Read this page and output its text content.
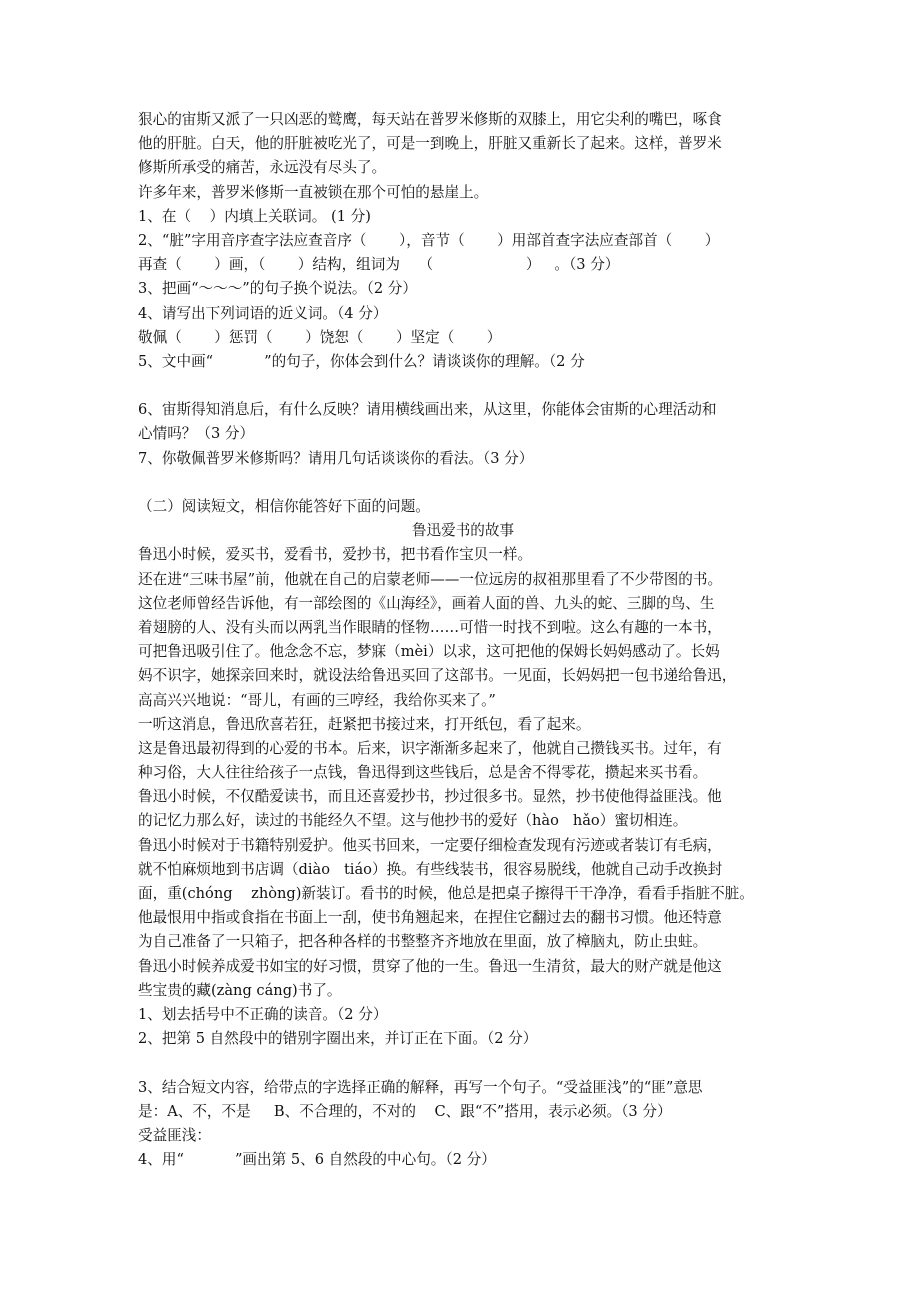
狠心的宙斯又派了一只凶恶的鹫鹰，每天站在普罗米修斯的双膝上，用它尖利的嘴巴，啄食
他的肝脏。白天，他的肝脏被吃光了，可是一到晚上，肝脏又重新长了起来。这样，普罗米
修斯所承受的痛苦，永远没有尽头了。
许多年来，普罗米修斯一直被锁在那个可怕的悬崖上。
1、在（    ）内填上关联词。 (1 分)
2、“脏”字用音序查字法应查音序（       ），音节（       ）用部首查字法应查部首（       ）
再查（       ）画，（       ）结构，组词为    （                    ）   。（3 分）
3、把画“～～～”的句子换个说法。（2 分）
4、请写出下列词语的近义词。（4 分）
敬佩（       ）惩罚（       ）饶恕（       ）坚定（       ）
5、文中画“           ”的句子，你体会到什么？请谈谈你的理解。（2 分
6、宙斯得知消息后，有什么反映？请用横线画出来，从这里，你能体会宙斯的心理活动和
心情吗？（3 分）
7、你敬佩普罗米修斯吗？请用几句话谈谈你的看法。（3 分）
（二）阅读短文，相信你能答好下面的问题。
鲁迅爱书的故事
鲁迅小时候，爱买书，爱看书，爱抄书，把书看作宝贝一样。
还在进“三味书屋”前，他就在自己的启蒙老师——一位远房的叔祖那里看了不少带图的书。
这位老师曾经告诉他，有一部绘图的《山海经》，画着人面的兽、九头的蛇、三脚的鸟、生
着翅膀的人、没有头而以两乳当作眼睛的怪物……可惜一时找不到啦。这么有趣的一本书，
可把鲁迅吸引住了。他念念不忘，梦寐（mèi）以求，这可把他的保姆长妈妈感动了。长妈
妈不识字，她探亲回来时，就设法给鲁迅买回了这部书。一见面，长妈妈把一包书递给鲁迅，
高高兴兴地说：“哥儿，有画的三哼经，我给你买来了。”
一听这消息，鲁迅欣喜若狂，赶紧把书接过来，打开纸包，看了起来。
这是鲁迅最初得到的心爱的书本。后来，识字渐渐多起来了，他就自己攒钱买书。过年，有
种习俗，大人往往给孩子一点钱，鲁迅得到这些钱后，总是舍不得零花，攒起来买书看。
鲁迅小时候，不仅酷爱读书，而且还喜爱抄书，抄过很多书。显然，抄书使他得益匪浅。他
的记忆力那么好，读过的书能经久不望。这与他抄书的爱好（hào   hǎo）蜜切相连。
鲁迅小时候对于书籍特别爱护。他买书回来，一定要仔细检查发现有污迹或者装订有毛病，
就不怕麻烦地到书店调（diào   tiáo）换。有些线装书，很容易脱线，他就自己动手改换封
面，重(chóng    zhòng)新装订。看书的时候，他总是把桌子擦得干干净净，看看手指脏不脏。
他最恨用中指或食指在书面上一刮，使书角翘起来，在捏住它翻过去的翻书习惯。他还特意
为自己准备了一只箱子，把各种各样的书整整齐齐地放在里面，放了樟脑丸，防止虫蛀。
鲁迅小时候养成爱书如宝的好习惯，贯穿了他的一生。鲁迅一生清贫，最大的财产就是他这
些宝贵的藏(zàng cáng)书了。
1、划去括号中不正确的读音。（2 分）
2、把第 5 自然段中的错别字圈出来，并订正在下面。（2 分）
3、结合短文内容，给带点的字选择正确的解释，再写一个句子。“受益匪浅”的“匪”意思
是：A、不，不是     B、不合理的，不对的    C、跟“不”搭用，表示必须。（3 分）
受益匪浅：
4、用“           ”画出第 5、6 自然段的中心句。（2 分）
